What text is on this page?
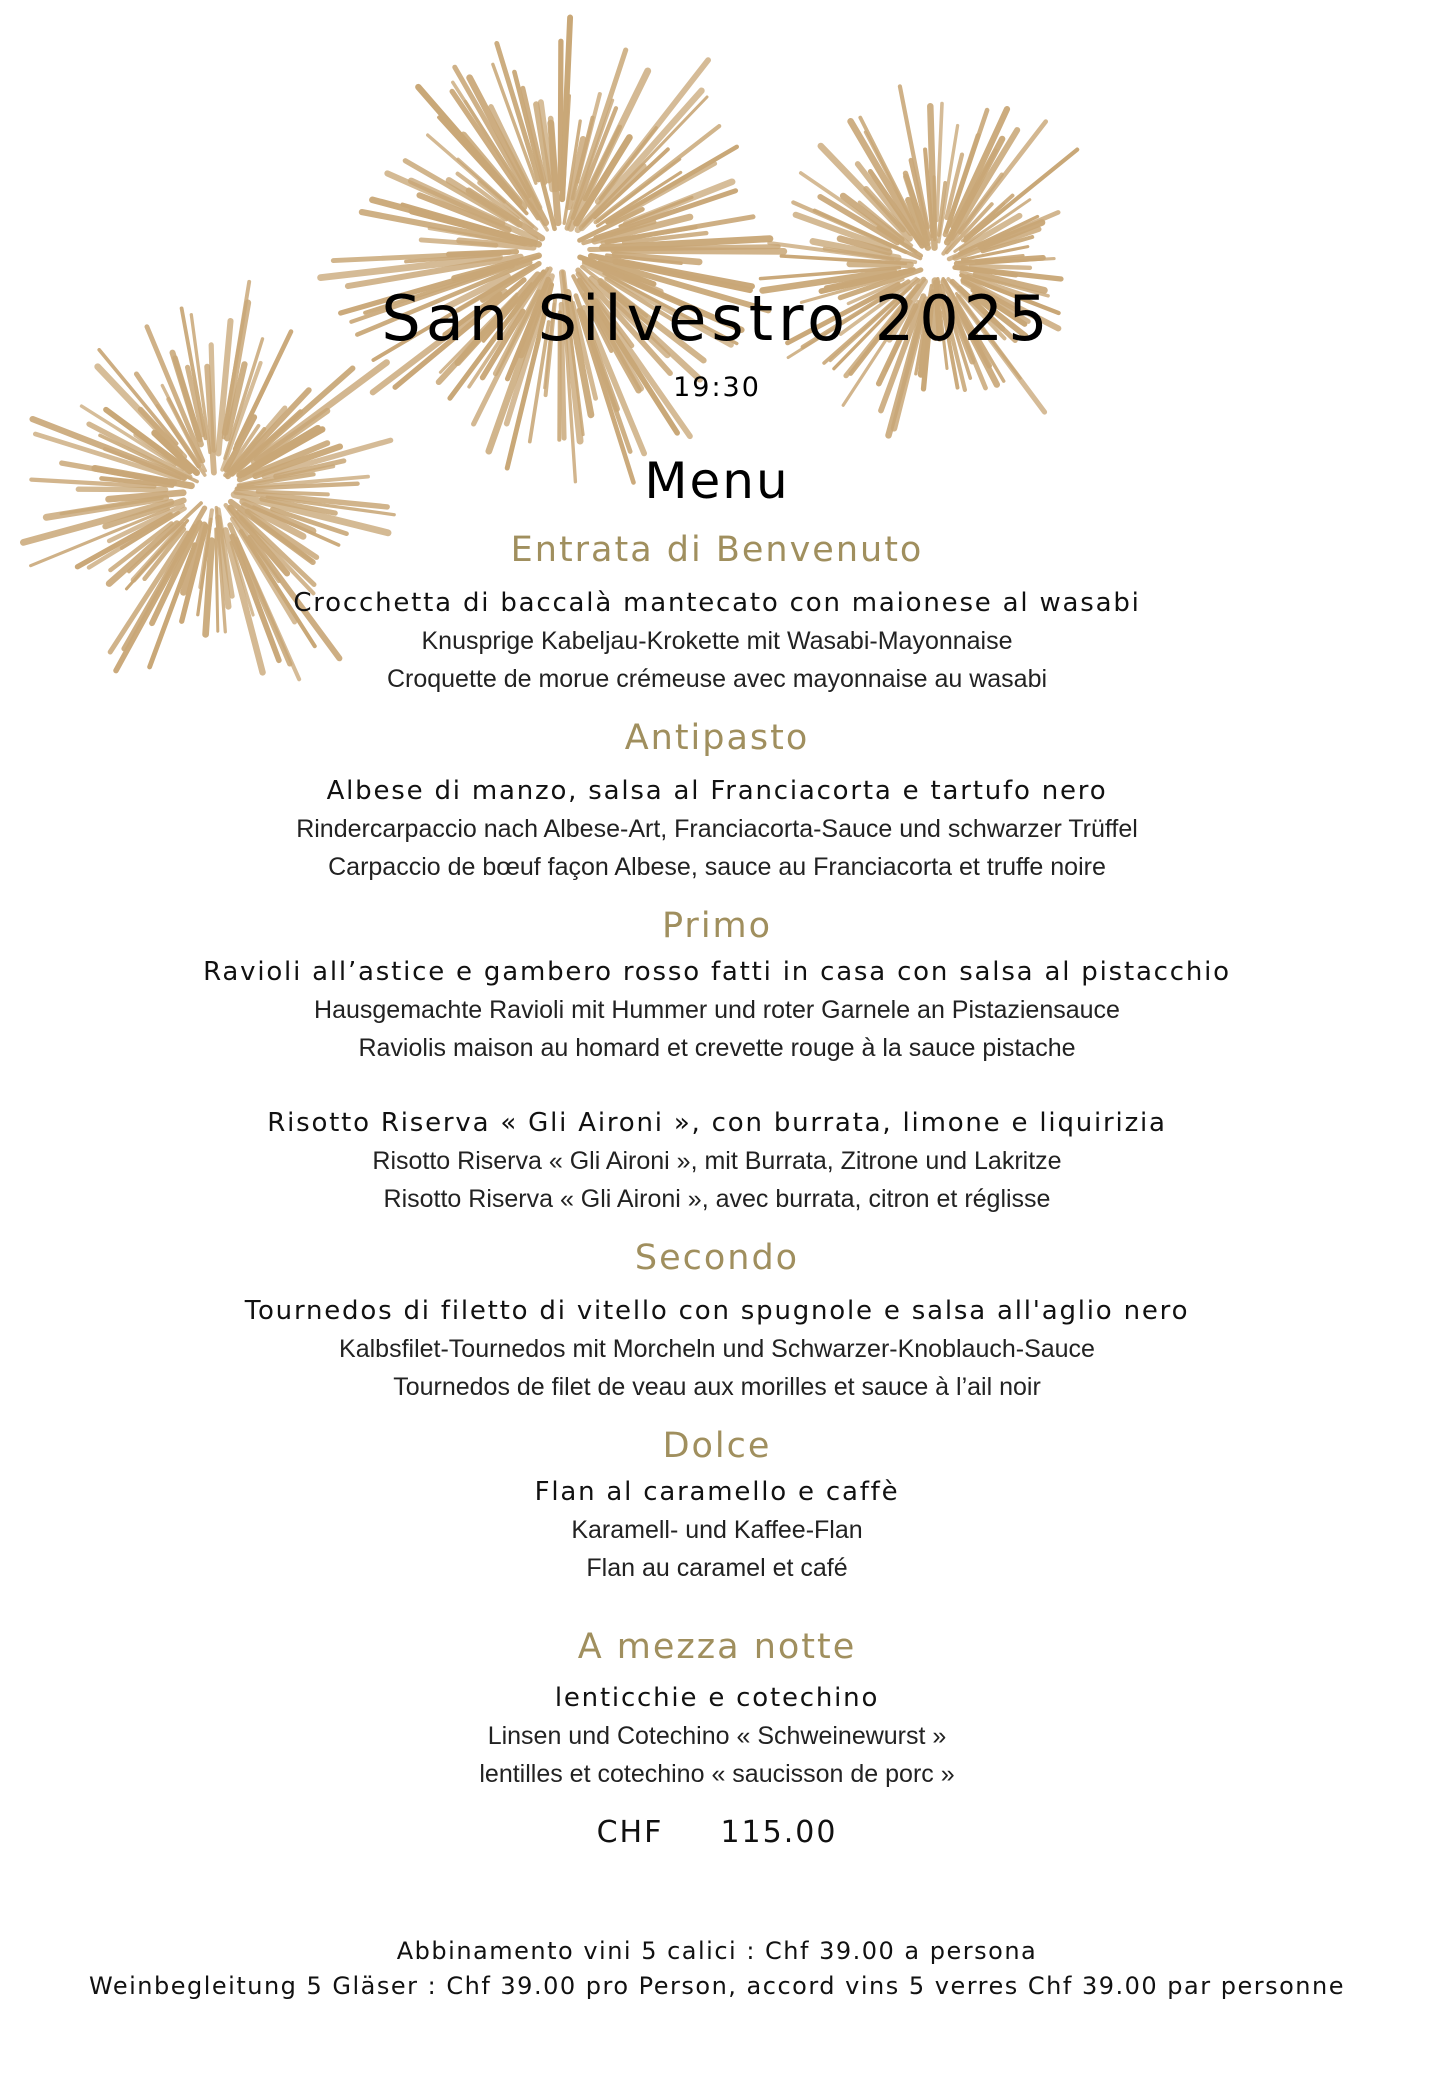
San Silvestro 2025
19:30
Menu
Entrata di Benvenuto
Crocchetta di baccalà mantecato con maionese al wasabi
Knusprige Kabeljau-Krokette mit Wasabi-Mayonnaise
Croquette de morue crémeuse avec mayonnaise au wasabi
Antipasto
Albese di manzo, salsa al Franciacorta e tartufo nero
Rindercarpaccio nach Albese-Art, Franciacorta-Sauce und schwarzer Trüffel
Carpaccio de bœuf façon Albese, sauce au Franciacorta et truffe noire
Primo
Ravioli all’astice e gambero rosso fatti in casa con salsa al pistacchio
Hausgemachte Ravioli mit Hummer und roter Garnele an Pistaziensauce
Raviolis maison au homard et crevette rouge à la sauce pistache
Risotto Riserva « Gli Aironi », con burrata, limone e liquirizia
Risotto Riserva « Gli Aironi », mit Burrata, Zitrone und Lakritze
Risotto Riserva « Gli Aironi », avec burrata, citron et réglisse
Secondo
Tournedos di filetto di vitello con spugnole e salsa all'aglio nero
Kalbsfilet-Tournedos mit Morcheln und Schwarzer-Knoblauch-Sauce
Tournedos de filet de veau aux morilles et sauce à l’ail noir
Dolce
Flan al caramello e caffè
Karamell- und Kaffee-Flan
Flan au caramel et café
A mezza notte
lenticchie e cotechino
Linsen und Cotechino « Schweinewurst »
lentilles et cotechino « saucisson de porc »
CHF 115.00
Abbinamento vini 5 calici : Chf 39.00 a persona
Weinbegleitung 5 Gläser : Chf 39.00 pro Person, accord vins 5 verres Chf 39.00 par personne
